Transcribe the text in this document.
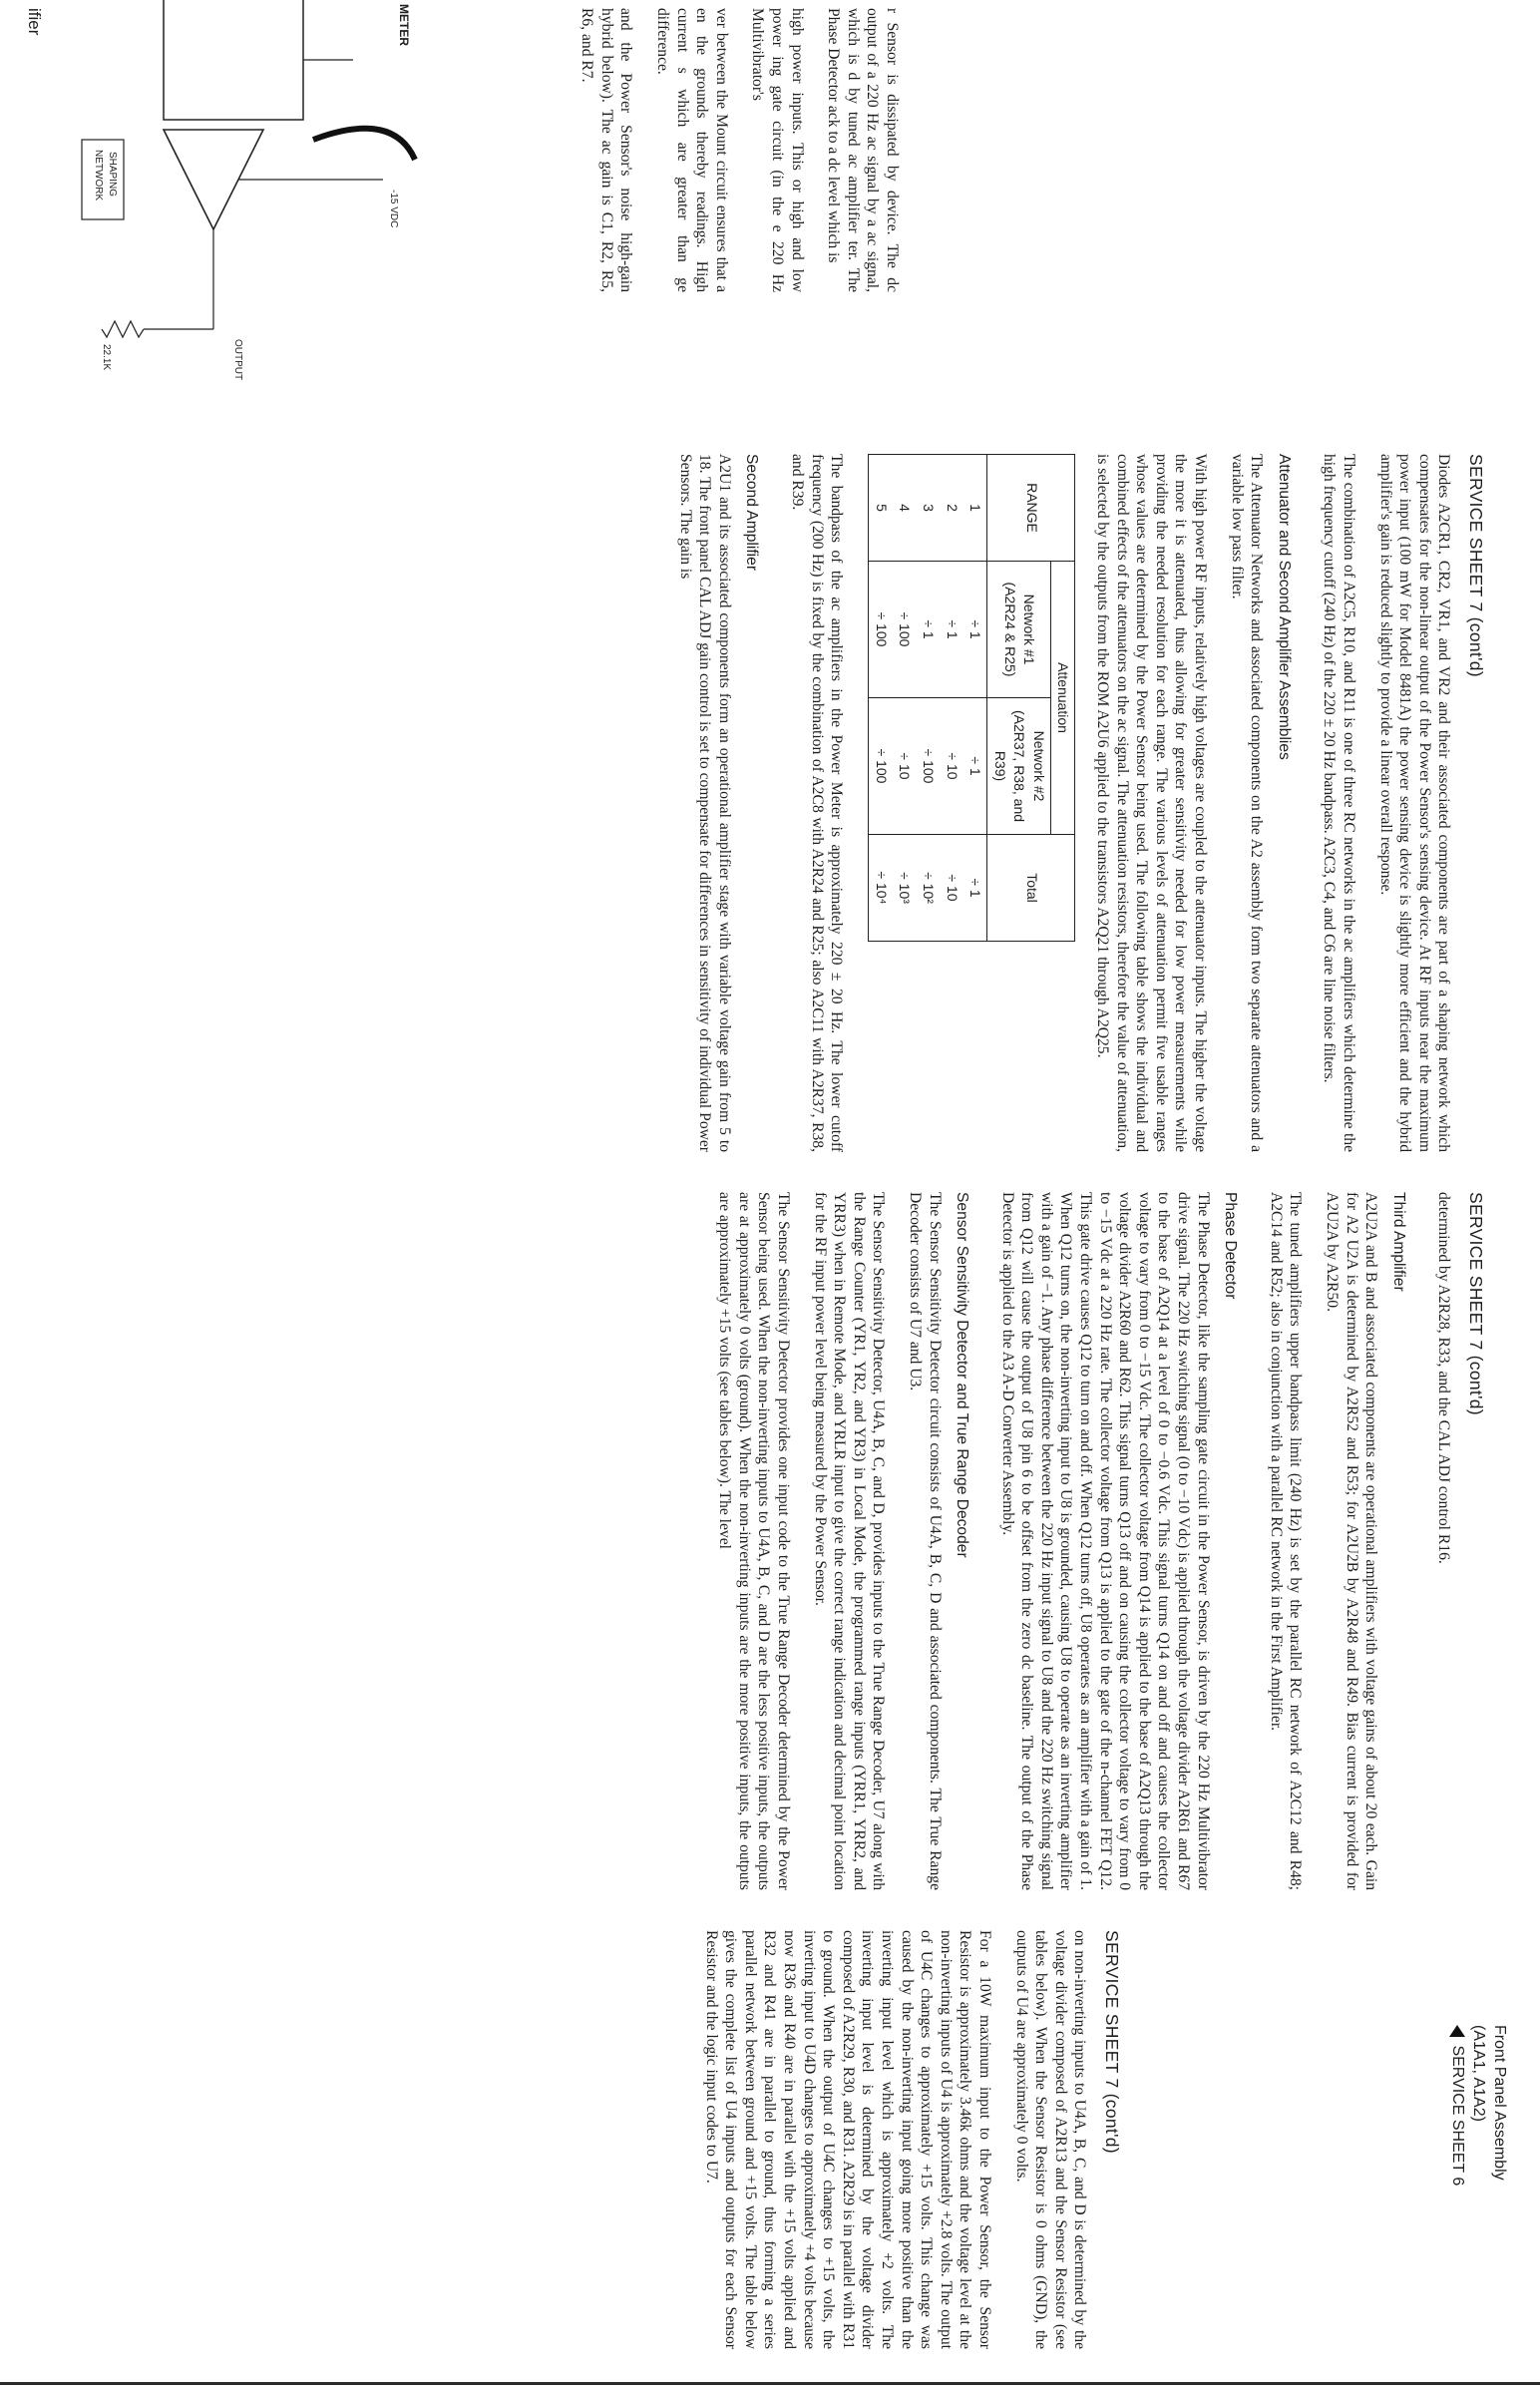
r Sensor is dissipated by device. The dc output of a 220 Hz ac signal by a ac signal, which is d by tuned ac amplifier ter. The Phase Detector ack to a dc level which is

high power inputs. This or high and low power ing gate circuit (in the e 220 Hz Multivibrator's

ver between the Mount circuit ensures that a en the grounds thereby readings. High current s which are greater than ge difference.

and the Power Sensor's noise high-gain hybrid below). The ac gain is C1, R2, R5, R6, and R7.

METER
OUTPUT
-15 VDC
22.1K
SHAPING
NETWORK
ifier
SERVICE SHEET 7 (cont'd)

Diodes A2CR1, CR2, VR1, and VR2 and their associated components are part of a shaping network which compensates for the non-linear output of the Power Sensor's sensing device. At RF inputs near the maximum power input (100 mW for Model 8481A) the power sensing device is slightly more efficient and the hybrid amplifier's gain is reduced slightly to provide a linear overall response.

The combination of A2C5, R10, and R11 is one of three RC networks in the ac amplifiers which determine the high frequency cutoff (240 Hz) of the 220 ± 20 Hz bandpass. A2C3, C4, and C6 are line noise filters.

Attenuator and Second Amplifier Assemblies

The Attenuator Networks and associated components on the A2 assembly form two separate attenuators and a variable low pass filter.

With high power RF inputs, relatively high voltages are coupled to the attenuator inputs. The higher the voltage the more it is attenuated, thus allowing for greater sensitivity needed for low power measurements while providing the needed resolution for each range. The various levels of attenuation permit five usable ranges whose values are determined by the Power Sensor being used. The following table shows the individual and combined effects of the attenuators on the ac signal. The attenuation resistors, therefore the value of attenuation, is selected by the outputs from the ROM A2U6 applied to the transistors A2Q21 through A2Q25.

RANGE	Attenuation		Total
	Network #1 (A2R24 & R25)	Network #2 (A2R37, R38, and R39)	
1	÷ 1	÷ 1	÷ 1
2	÷ 1	÷ 10	÷ 10
3	÷ 1	÷ 100	÷ 10²
4	÷ 100	÷ 10	÷ 10³
5	÷ 100	÷ 100	÷ 10⁴

The bandpass of the ac amplifiers in the Power Meter is approximately 220 ± 20 Hz. The lower cutoff frequency (200 Hz) is fixed by the combination of A2C8 with A2R24 and R25; also A2C11 with A2R37, R38, and R39.

Second Amplifier

A2U1 and its associated components form an operational amplifier stage with variable voltage gain from 5 to 18. The front panel CAL ADJ gain control is set to compensate for differences in sensitivity of individual Power Sensors. The gain is

SERVICE SHEET 7 (cont'd)

determined by A2R28, R33, and the CAL ADJ control R16.

Third Amplifier

A2U2A and B and associated components are operational amplifiers with voltage gains of about 20 each. Gain for A2 U2A is determined by A2R52 and R53; for A2U2B by A2R48 and R49. Bias current is provided for A2U2A by A2R50.

The tuned amplifiers upper bandpass limit (240 Hz) is set by the parallel RC network of A2C12 and R48; A2C14 and R52; also in conjunction with a parallel RC network in the First Amplifier.

Phase Detector

The Phase Detector, like the sampling gate circuit in the Power Sensor, is driven by the 220 Hz Multivibrator drive signal. The 220 Hz switching signal (0 to −10 Vdc) is applied through the voltage divider A2R61 and R67 to the base of A2Q14 at a level of 0 to −0.6 Vdc. This signal turns Q14 on and off and causes the collector voltage to vary from 0 to −15 Vdc. The collector voltage from Q14 is applied to the base of A2Q13 through the voltage divider A2R60 and R62. This signal turns Q13 off and on causing the collector voltage to vary from 0 to −15 Vdc at a 220 Hz rate. The collector voltage from Q13 is applied to the gate of the n-channel FET Q12. This gate drive causes Q12 to turn on and off. When Q12 turns off, U8 operates as an amplifier with a gain of 1. When Q12 turns on, the non-inverting input to U8 is grounded, causing U8 to operate as an inverting amplifier with a gain of −1. Any phase difference between the 220 Hz input signal to U8 and the 220 Hz switching signal from Q12 will cause the output of U8 pin 6 to be offset from the zero dc baseline. The output of the Phase Detector is applied to the A3 A-D Converter Assembly.

Sensor Sensitivity Detector and True Range Decoder

The Sensor Sensitivity Detector circuit consists of U4A, B, C, D and associated components. The True Range Decoder consists of U7 and U3.

The Sensor Sensitivity Detector, U4A, B, C, and D, provides inputs to the True Range Decoder, U7 along with the Range Counter (YR1, YR2, and YR3) in Local Mode, the programmed range inputs (YRR1, YRR2, and YRR3) when in Remote Mode, and YRLR input to give the correct range indication and decimal point location for the RF input power level being measured by the Power Sensor.

The Sensor Sensitivity Detector provides one input code to the True Range Decoder determined by the Power Sensor being used. When the non-inverting inputs to U4A, B, C, and D are the less positive inputs, the outputs are at approximately 0 volts (ground). When the non-inverting inputs are the more positive inputs, the outputs are approximately +15 volts (see tables below). The level

SERVICE SHEET 7 (cont'd)

on non-inverting inputs to U4A, B, C, and D is determined by the voltage divider composed of A2R13 and the Sensor Resistor (see tables below). When the Sensor Resistor is 0 ohms (GND), the outputs of U4 are approximately 0 volts.

For a 10W maximum input to the Power Sensor, the Sensor Resistor is approximately 3.46k ohms and the voltage level at the non-inverting inputs of U4 is approximately +2.8 volts. The output of U4C changes to approximately +15 volts. This change was caused by the non-inverting input going more positive than the inverting input level which is approximately +2 volts. The inverting input level is determined by the voltage divider composed of A2R29, R30, and R31. A2R29 is in parallel with R31 to ground. When the output of U4C changes to +15 volts, the inverting input to U4D changes to approximately +4 volts because now R36 and R40 are in parallel with the +15 volts applied and R32 and R41 are in parallel to ground, thus forming a series parallel network between ground and +15 volts. The table below gives the complete list of U4 inputs and outputs for each Sensor Resistor and the logic input codes to U7.	Front Panel Assembly
(A1A1, A1A2)
SERVICE SHEET 6
